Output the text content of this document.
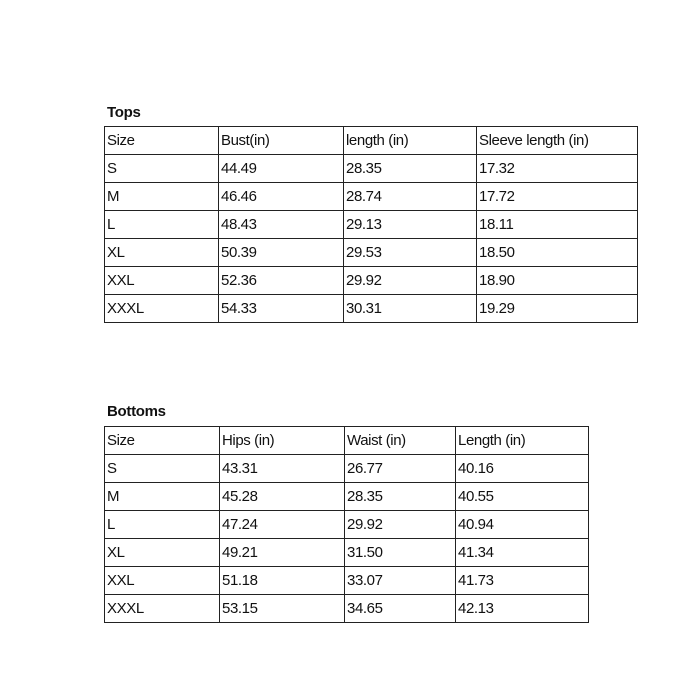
Tops
Size	Bust(in)	length (in)	Sleeve length (in)
S	44.49	28.35	17.32
M	46.46	28.74	17.72
L	48.43	29.13	18.11
XL	50.39	29.53	18.50
XXL	52.36	29.92	18.90
XXXL	54.33	30.31	19.29
Bottoms
Size	Hips (in)	Waist (in)	Length (in)
S	43.31	26.77	40.16
M	45.28	28.35	40.55
L	47.24	29.92	40.94
XL	49.21	31.50	41.34
XXL	51.18	33.07	41.73
XXXL	53.15	34.65	42.13
